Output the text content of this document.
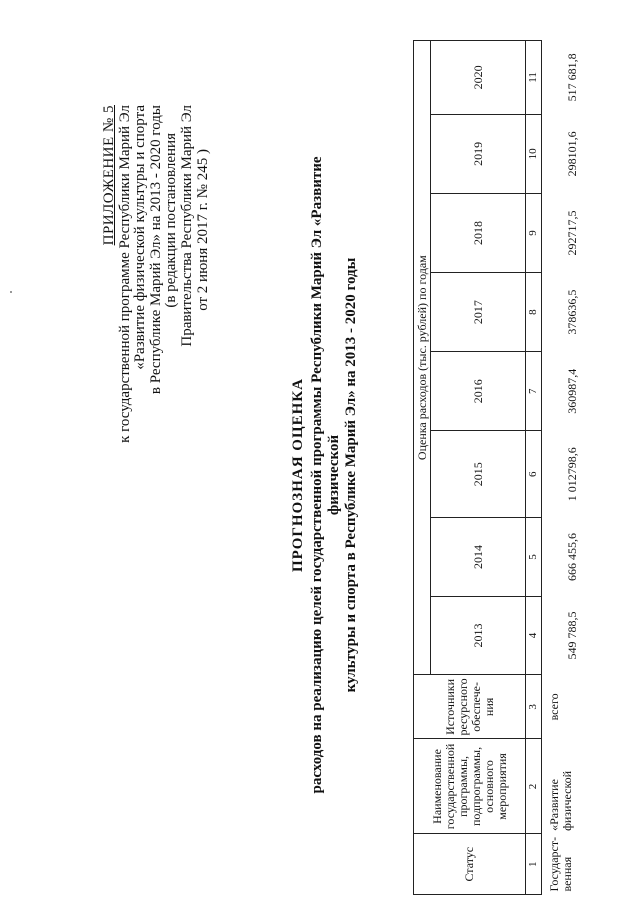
ПРИЛОЖЕНИЕ № 5 к государственной программе Республики Марий Эл «Развитие физической культуры и спорта в Республике Марий Эл» на 2013 - 2020 годы (в редакции постановления Правительства Республики Марий Эл от 2 июня 2017 г. № 245 )
ПРОГНОЗНАЯ ОЦЕНКА расходов на реализацию целей государственной программы Республики Марий Эл «Развитие физической культуры и спорта в Республике Марий Эл» на 2013 - 2020 годы
Статус	Наименование государственной программы, подпрограммы, основного мероприятия	Источники ресурсного обеспече-ния	Оценка расходов (тыс. рублей) по годам							
			2013	2014	2015	2016	2017	2018	2019	2020
1	2	3	4	5	6	7	8	9	10	11
Государст-венная	«Развитие физической	всего	549 788,5	666 455,6	1 012798,6	360987,4	378636,5	292717,5	298101,6	517 681,8
